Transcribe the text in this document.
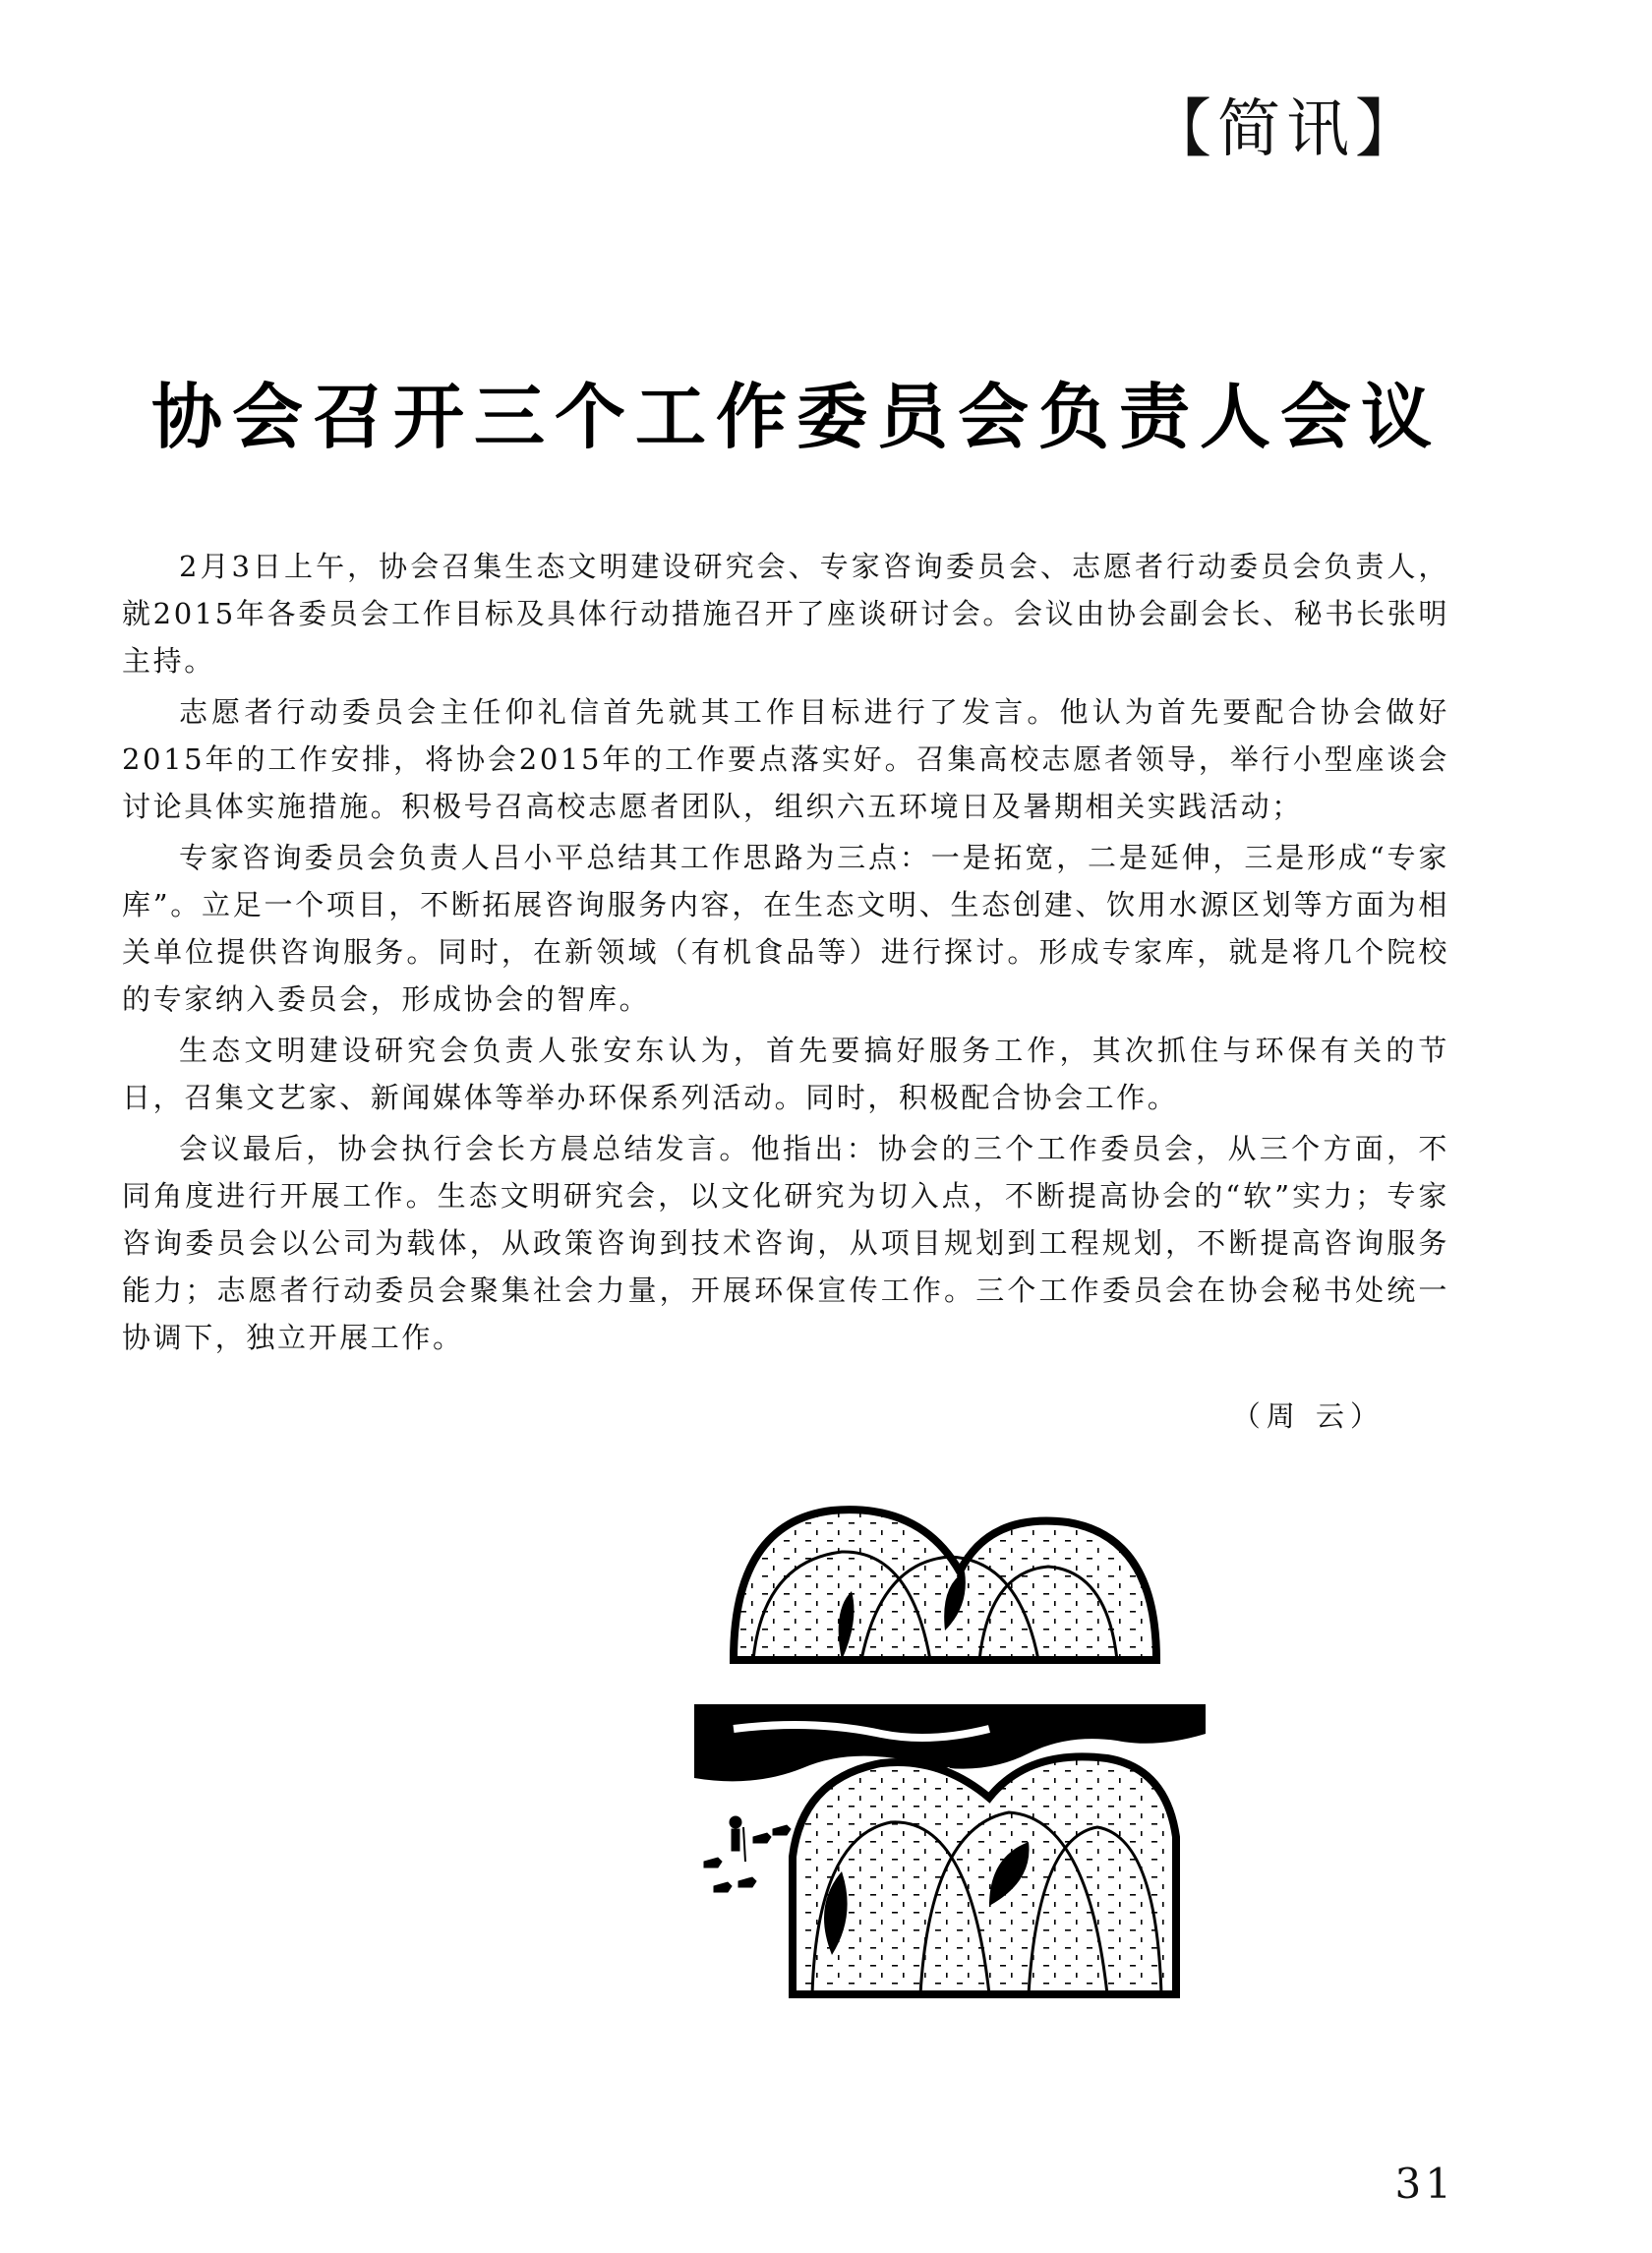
【简讯】
协会召开三个工作委员会负责人会议

2月3日上午，协会召集生态文明建设研究会、专家咨询委员会、志愿者行动委员会负责人，就2015年各委员会工作目标及具体行动措施召开了座谈研讨会。会议由协会副会长、秘书长张明主持。

志愿者行动委员会主任仰礼信首先就其工作目标进行了发言。他认为首先要配合协会做好2015年的工作安排，将协会2015年的工作要点落实好。召集高校志愿者领导，举行小型座谈会讨论具体实施措施。积极号召高校志愿者团队，组织六五环境日及暑期相关实践活动；

专家咨询委员会负责人吕小平总结其工作思路为三点：一是拓宽，二是延伸，三是形成“专家库”。立足一个项目，不断拓展咨询服务内容，在生态文明、生态创建、饮用水源区划等方面为相关单位提供咨询服务。同时，在新领域（有机食品等）进行探讨。形成专家库，就是将几个院校的专家纳入委员会，形成协会的智库。

生态文明建设研究会负责人张安东认为，首先要搞好服务工作，其次抓住与环保有关的节日，召集文艺家、新闻媒体等举办环保系列活动。同时，积极配合协会工作。

会议最后，协会执行会长方晨总结发言。他指出：协会的三个工作委员会，从三个方面，不同角度进行开展工作。生态文明研究会，以文化研究为切入点，不断提高协会的“软”实力；专家咨询委员会以公司为载体，从政策咨询到技术咨询，从项目规划到工程规划，不断提高咨询服务能力；志愿者行动委员会聚集社会力量，开展环保宣传工作。三个工作委员会在协会秘书处统一协调下，独立开展工作。

（周 云）
31
